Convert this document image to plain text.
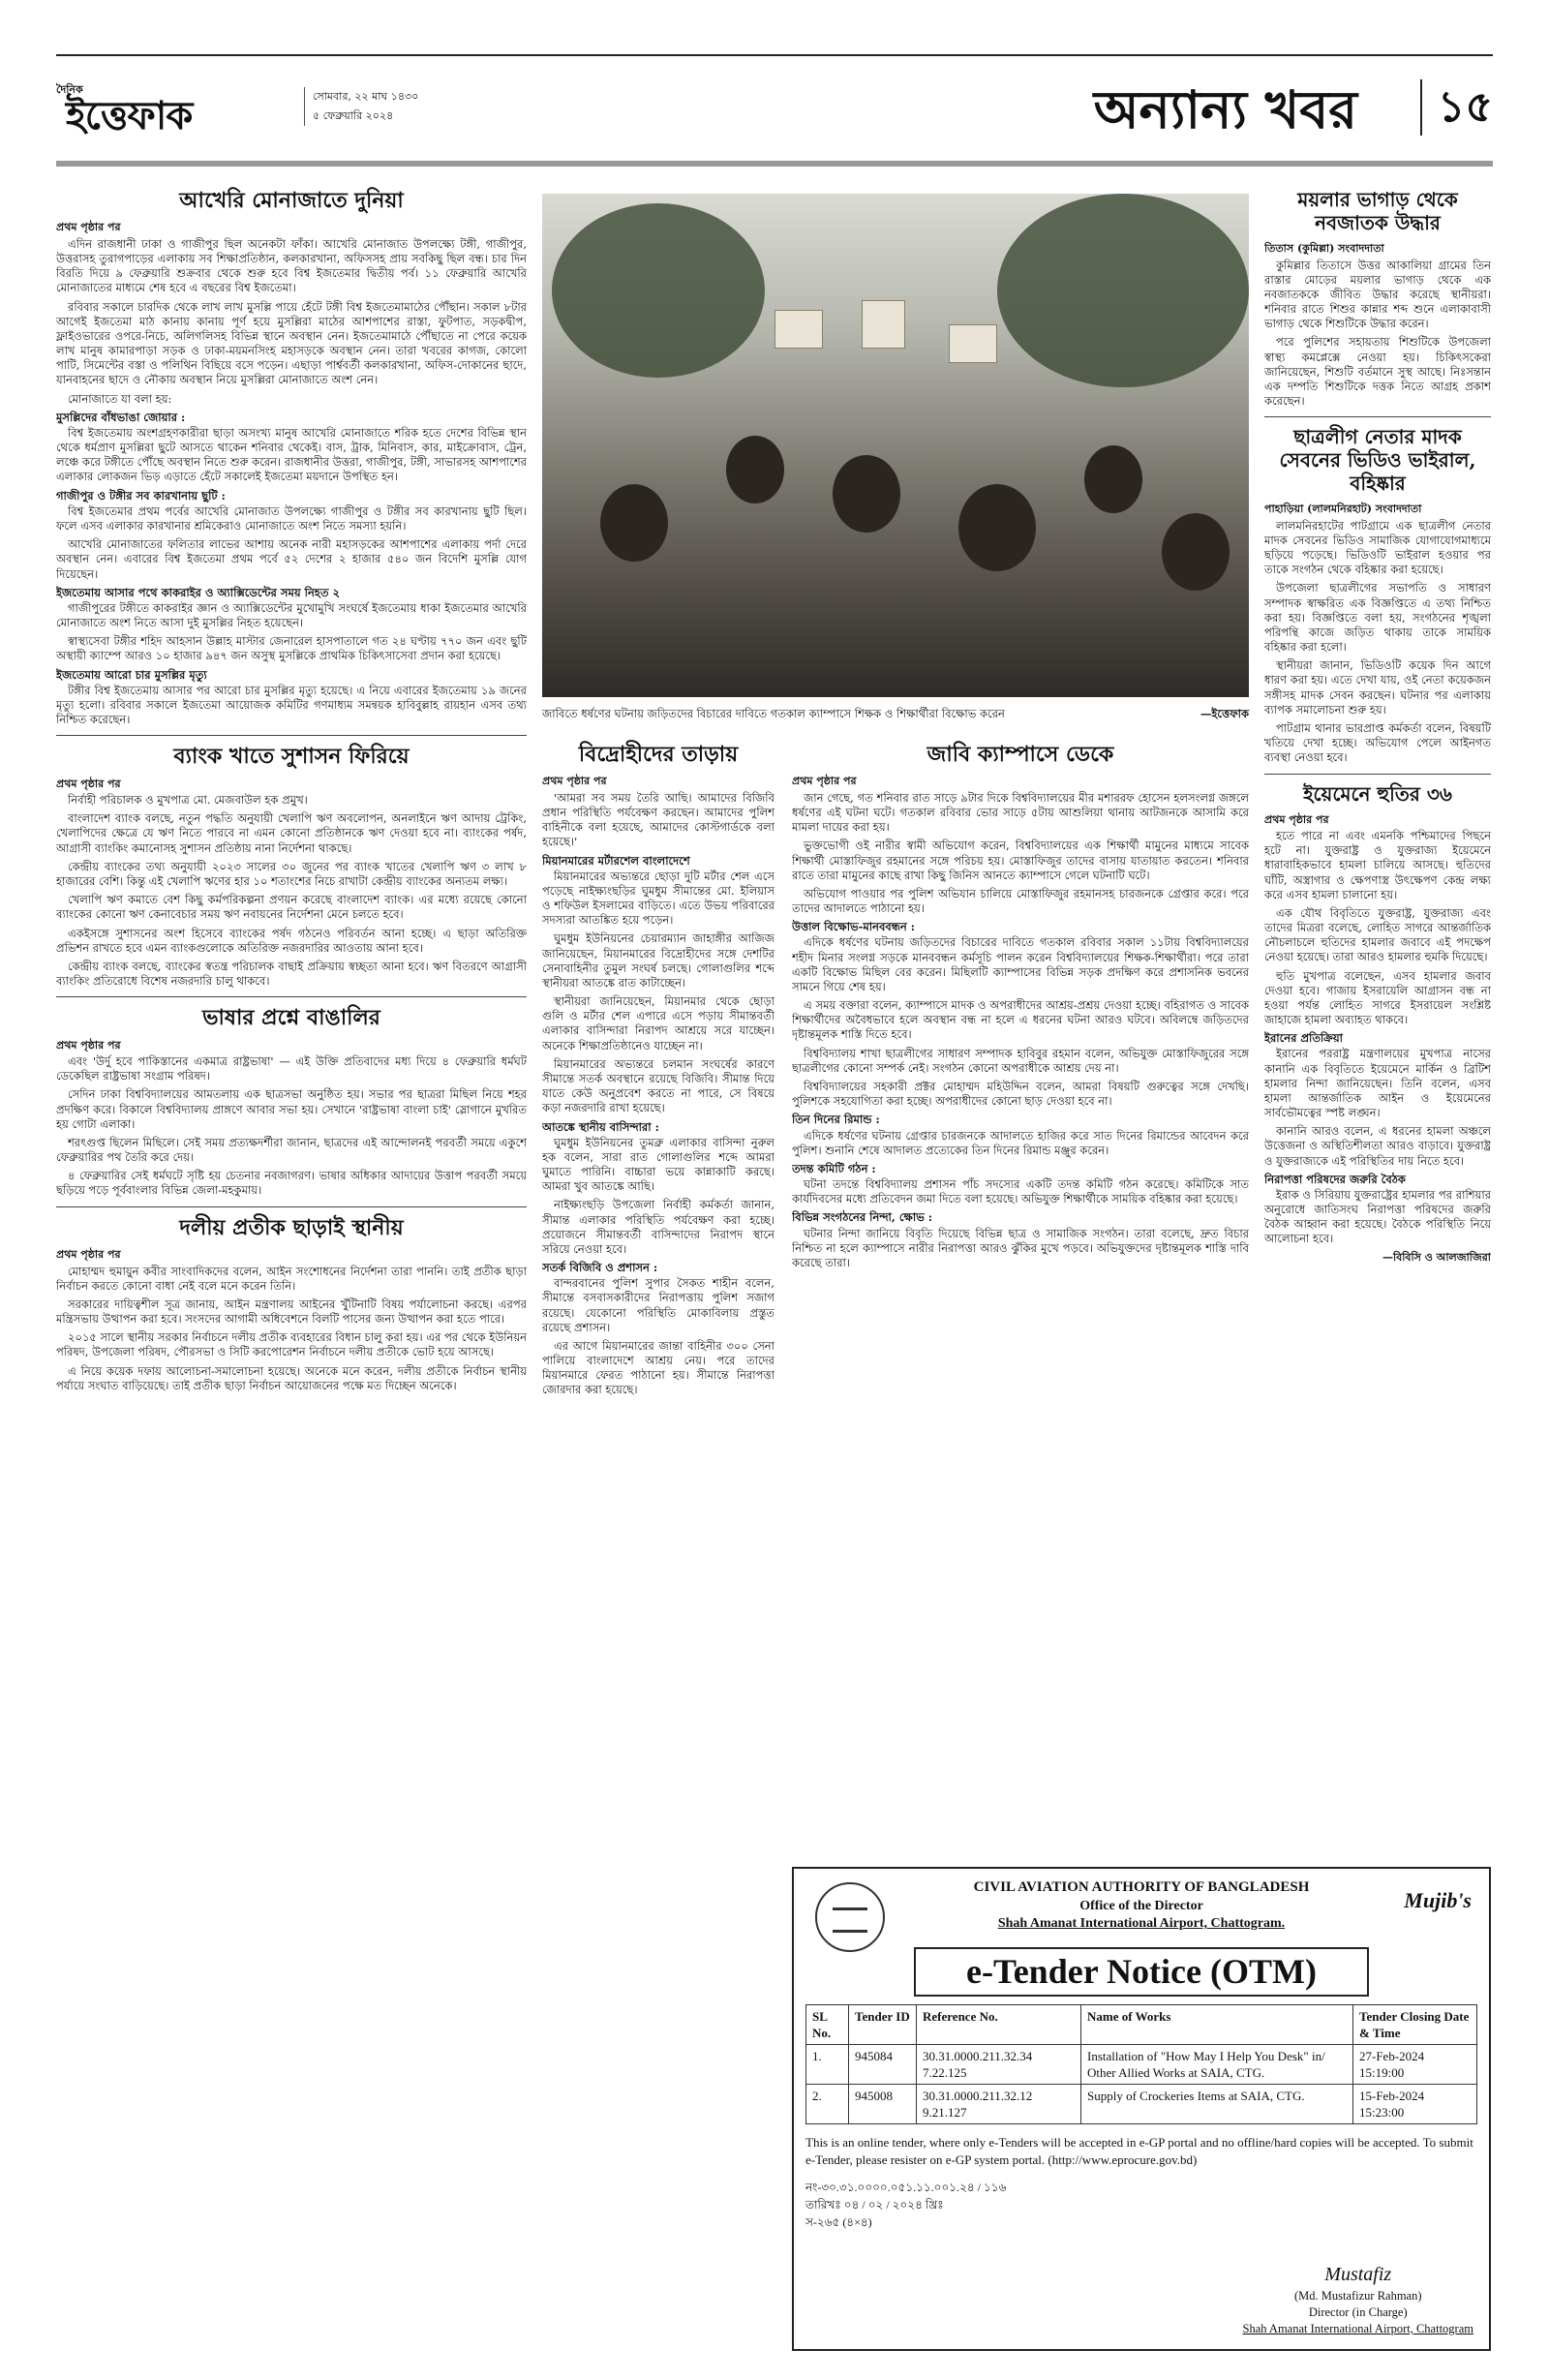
দৈনিক
ইত্তেফাক	সোমবার, ২২ মাঘ ১৪৩০
৫ ফেব্রুয়ারি ২০২৪	অন্যান্য খবর	১৫
আখেরি মোনাজাতে দুনিয়া
প্রথম পৃষ্ঠার পর

এদিন রাজধানী ঢাকা ও গাজীপুর ছিল অনেকটা ফাঁকা। আখেরি মোনাজাত উপলক্ষ্যে টঙ্গী, গাজীপুর, উত্তরাসহ তুরাগপাড়ের এলাকায় সব শিক্ষাপ্রতিষ্ঠান, কলকারখানা, অফিসসহ প্রায় সবকিছু ছিল বন্ধ। চার দিন বিরতি দিয়ে ৯ ফেব্রুয়ারি শুক্রবার থেকে শুরু হবে বিশ্ব ইজতেমার দ্বিতীয় পর্ব। ১১ ফেব্রুয়ারি আখেরি মোনাজাতের মাধ্যমে শেষ হবে এ বছরের বিশ্ব ইজতেমা।

রবিবার সকালে চারদিক থেকে লাখ লাখ মুসল্লি পায়ে হেঁটে টঙ্গী বিশ্ব ইজতেমামাঠের পৌঁছান। সকাল ৮টার আগেই ইজতেমা মাঠ কানায় কানায় পূর্ণ হয়ে মুসল্লিরা মাঠের আশপাশের রাস্তা, ফুটপাত, সড়কদ্বীপ, ফ্লাইওভারের ওপরে-নিচে, অলিগলিসহ বিভিন্ন স্থানে অবস্থান নেন। ইজতেমামাঠে পৌঁছাতে না পেরে কয়েক লাখ মানুষ কামারপাড়া সড়ক ও ঢাকা-ময়মনসিংহ মহাসড়কে অবস্থান নেন। তারা খবরের কাগজ, কোলো পাটি, সিমেন্টের বস্তা ও পলিথিন বিছিয়ে বসে পড়েন। এছাড়া পার্শ্ববর্তী কলকারখানা, অফিস-দোকানের ছাদে, যানবাহনের ছাদে ও নৌকায় অবস্থান নিয়ে মুসল্লিরা মোনাজাতে অংশ নেন।

মোনাজাতে যা বলা হয়:

মুসল্লিদের বাঁধভাঙা জোয়ার :

বিশ্ব ইজতেমায় অংশগ্রহণকারীরা ছাড়া অসংখ্য মানুষ আখেরি মোনাজাতে শরিক হতে দেশের বিভিন্ন স্থান থেকে ধর্মপ্রাণ মুসল্লিরা ছুটে আসতে থাকেন শনিবার থেকেই। বাস, ট্রাক, মিনিবাস, কার, মাইক্রোবাস, ট্রেন, লঞ্চে করে টঙ্গীতে পৌঁছে অবস্থান নিতে শুরু করেন। রাজধানীর উত্তরা, গাজীপুর, টঙ্গী, সাভারসহ আশপাশের এলাকার লোকজন ভিড় এড়াতে হেঁটে সকালেই ইজতেমা ময়দানে উপস্থিত হন।

গাজীপুর ও টঙ্গীর সব কারখানায় ছুটি :

বিশ্ব ইজতেমার প্রথম পর্বের আখেরি মোনাজাত উপলক্ষ্যে গাজীপুর ও টঙ্গীর সব কারখানায় ছুটি ছিল। ফলে এসব এলাকার কারখানার শ্রমিকেরাও মোনাজাতে অংশ নিতে সমস্যা হয়নি।

আখেরি মোনাজাতের ফলিতার লাভের আশায় অনেক নারী মহাসড়কের আশপাশের এলাকায় পর্দা দেরে অবস্থান নেন। এবারের বিশ্ব ইজতেমা প্রথম পর্বে ৫২ দেশের ২ হাজার ৫৪০ জন বিদেশি মুসল্লি যোগ দিয়েছেন।

ইজতেমায় আসার পথে কাকরাইর ও অ্যাক্সিডেন্টের সময় নিহত ২

গাজীপুরের টঙ্গীতে কাকরাইর জ্ঞান ও অ্যাক্সিডেন্টের মুখোমুখি সংঘর্ষে ইজতেমায় ধাকা ইজতেমার আখেরি মোনাজাতে অংশ নিতে আসা দুই মুসল্লির নিহত হয়েছেন।

স্বাস্থ্যসেবা টঙ্গীর শহিদ আহসান উল্লাহ মাস্টার জেনারেল হাসপাতালে গত ২৪ ঘণ্টায় ৭৭০ জন এবং ছুটি অস্থায়ী ক্যাম্পে আরও ১০ হাজার ৯৪৭ জন অসুস্থ মুসল্লিকে প্রাথমিক চিকিৎসাসেবা প্রদান করা হয়েছে।

ইজতেমায় আরো চার মুসল্লির মৃত্যু

টঙ্গীর বিশ্ব ইজতেমায় আসার পর আরো চার মুসল্লির মৃত্যু হয়েছে। এ নিয়ে এবারের ইজতেমায় ১৯ জনের মৃত্যু হলো। রবিবার সকালে ইজতেমা আয়োজক কমিটির গণমাধ্যম সমন্বয়ক হাবিবুল্লাহ রায়হান এসব তথ্য নিশ্চিত করেছেন।

ব্যাংক খাতে সুশাসন ফিরিয়ে
প্রথম পৃষ্ঠার পর

নির্বাহী পরিচালক ও মুখপাত্র মো. মেজবাউল হক প্রমুখ।

বাংলাদেশ ব্যাংক বলছে, নতুন পদ্ধতি অনুযায়ী খেলাপি ঋণ অবলোপন, অনলাইনে ঋণ আদায় ট্রেকিং, খেলাপিদের ক্ষেত্রে যে ঋণ নিতে পারবে না এমন কোনো প্রতিষ্ঠানকে ঋণ দেওয়া হবে না। ব্যাংকের পর্ষদ, আগ্রাসী ব্যাংকিং কমানোসহ সুশাসন প্রতিষ্ঠায় নানা নির্দেশনা থাকছে।

কেন্দ্রীয় ব্যাংকের তথ্য অনুযায়ী ২০২৩ সালের ৩০ জুনের পর ব্যাংক খাতের খেলাপি ঋণ ৩ লাখ ৮ হাজারের বেশি। কিন্তু এই খেলাপি ঋণের হার ১০ শতাংশের নিচে রাখাটা কেন্দ্রীয় ব্যাংকের অন্যতম লক্ষ্য।

খেলাপি ঋণ কমাতে বেশ কিছু কর্মপরিকল্পনা প্রণয়ন করেছে বাংলাদেশ ব্যাংক। এর মধ্যে রয়েছে কোনো ব্যাংকের কোনো ঋণ কেনাবেচার সময় ঋণ নবায়নের নির্দেশনা মেনে চলতে হবে।

একইসঙ্গে সুশাসনের অংশ হিসেবে ব্যাংকের পর্ষদ গঠনেও পরিবর্তন আনা হচ্ছে। এ ছাড়া অতিরিক্ত প্রভিশন রাখতে হবে এমন ব্যাংকগুলোকে অতিরিক্ত নজরদারির আওতায় আনা হবে।

কেন্দ্রীয় ব্যাংক বলছে, ব্যাংকের স্বতন্ত্র পরিচালক বাছাই প্রক্রিয়ায় স্বচ্ছতা আনা হবে। ঋণ বিতরণে আগ্রাসী ব্যাংকিং প্রতিরোধে বিশেষ নজরদারি চালু থাকবে।

ভাষার প্রশ্নে বাঙালির
প্রথম পৃষ্ঠার পর

এবং 'উর্দু হবে পাকিস্তানের একমাত্র রাষ্ট্রভাষা' — এই উক্তি প্রতিবাদের মধ্য দিয়ে ৪ ফেব্রুয়ারি ধর্মঘট ডেকেছিল রাষ্ট্রভাষা সংগ্রাম পরিষদ।

সেদিন ঢাকা বিশ্ববিদ্যালয়ের আমতলায় এক ছাত্রসভা অনুষ্ঠিত হয়। সভার পর ছাত্ররা মিছিল নিয়ে শহর প্রদক্ষিণ করে। বিকালে বিশ্ববিদ্যালয় প্রাঙ্গণে আবার সভা হয়। সেখানে 'রাষ্ট্রভাষা বাংলা চাই' স্লোগানে মুখরিত হয় গোটা এলাকা।

শরৎগুপ্ত ছিলেন মিছিলে। সেই সময় প্রত্যক্ষদর্শীরা জানান, ছাত্রদের এই আন্দোলনই পরবর্তী সময়ে একুশে ফেব্রুয়ারির পথ তৈরি করে দেয়।

৪ ফেব্রুয়ারির সেই ধর্মঘটে সৃষ্টি হয় চেতনার নবজাগরণ। ভাষার অধিকার আদায়ের উত্তাপ পরবর্তী সময়ে ছড়িয়ে পড়ে পূর্ববাংলার বিভিন্ন জেলা-মহকুমায়।

দলীয় প্রতীক ছাড়াই স্থানীয়
প্রথম পৃষ্ঠার পর

মোহাম্মদ হুমায়ুন কবীর সাংবাদিকদের বলেন, আইন সংশোধনের নির্দেশনা তারা পাননি। তাই প্রতীক ছাড়া নির্বাচন করতে কোনো বাধা নেই বলে মনে করেন তিনি।

সরকারের দায়িত্বশীল সূত্র জানায়, আইন মন্ত্রণালয় আইনের খুঁটিনাটি বিষয় পর্যালোচনা করছে। এরপর মন্ত্রিসভায় উত্থাপন করা হবে। সংসদের আগামী অধিবেশনে বিলটি পাসের জন্য উত্থাপন করা হতে পারে।

২০১৫ সালে স্থানীয় সরকার নির্বাচনে দলীয় প্রতীক ব্যবহারের বিধান চালু করা হয়। এর পর থেকে ইউনিয়ন পরিষদ, উপজেলা পরিষদ, পৌরসভা ও সিটি করপোরেশন নির্বাচনে দলীয় প্রতীকে ভোট হয়ে আসছে।

এ নিয়ে কয়েক দফায় আলোচনা-সমালোচনা হয়েছে। অনেকে মনে করেন, দলীয় প্রতীকে নির্বাচন স্থানীয় পর্যায়ে সংঘাত বাড়িয়েছে। তাই প্রতীক ছাড়া নির্বাচন আয়োজনের পক্ষে মত দিচ্ছেন অনেকে।

জাবিতে ধর্ষণের ঘটনায় জড়িতদের বিচারের দাবিতে গতকাল ক্যাম্পাসে শিক্ষক ও শিক্ষার্থীরা বিক্ষোভ করেন	—ইত্তেফাক
বিদ্রোহীদের তাড়ায়
প্রথম পৃষ্ঠার পর

'আমরা সব সময় তৈরি আছি। আমাদের বিজিবি প্রধান পরিস্থিতি পর্যবেক্ষণ করছেন। আমাদের পুলিশ বাহিনীকে বলা হয়েছে, আমাদের কোস্টগার্ডকে বলা হয়েছে।'

মিয়ানমারের মর্টারশেল বাংলাদেশে

মিয়ানমারের অভ্যন্তরে ছোড়া দুটি মর্টার শেল এসে পড়েছে নাইক্ষ্যংছড়ির ঘুমধুম সীমান্তের মো. ইলিয়াস ও শফিউল ইসলামের বাড়িতে। এতে উভয় পরিবারের সদস্যরা আতঙ্কিত হয়ে পড়েন।

ঘুমধুম ইউনিয়নের চেয়ারম্যান জাহাঙ্গীর আজিজ জানিয়েছেন, মিয়ানমারের বিদ্রোহীদের সঙ্গে দেশটির সেনাবাহিনীর তুমুল সংঘর্ষ চলছে। গোলাগুলির শব্দে স্থানীয়রা আতঙ্কে রাত কাটাচ্ছেন।

স্থানীয়রা জানিয়েছেন, মিয়ানমার থেকে ছোড়া গুলি ও মর্টার শেল এপারে এসে পড়ায় সীমান্তবর্তী এলাকার বাসিন্দারা নিরাপদ আশ্রয়ে সরে যাচ্ছেন। অনেকে শিক্ষাপ্রতিষ্ঠানেও যাচ্ছেন না।

মিয়ানমারের অভ্যন্তরে চলমান সংঘর্ষের কারণে সীমান্তে সতর্ক অবস্থানে রয়েছে বিজিবি। সীমান্ত দিয়ে যাতে কেউ অনুপ্রবেশ করতে না পারে, সে বিষয়ে কড়া নজরদারি রাখা হয়েছে।

আতঙ্কে স্থানীয় বাসিন্দারা :

ঘুমধুম ইউনিয়নের তুমব্রু এলাকার বাসিন্দা নুরুল হক বলেন, সারা রাত গোলাগুলির শব্দে আমরা ঘুমাতে পারিনি। বাচ্চারা ভয়ে কান্নাকাটি করছে। আমরা খুব আতঙ্কে আছি।

নাইক্ষ্যংছড়ি উপজেলা নির্বাহী কর্মকর্তা জানান, সীমান্ত এলাকার পরিস্থিতি পর্যবেক্ষণ করা হচ্ছে। প্রয়োজনে সীমান্তবর্তী বাসিন্দাদের নিরাপদ স্থানে সরিয়ে নেওয়া হবে।

সতর্ক বিজিবি ও প্রশাসন :

বান্দরবানের পুলিশ সুপার সৈকত শাহীন বলেন, সীমান্তে বসবাসকারীদের নিরাপত্তায় পুলিশ সজাগ রয়েছে। যেকোনো পরিস্থিতি মোকাবিলায় প্রস্তুত রয়েছে প্রশাসন।

এর আগে মিয়ানমারের জান্তা বাহিনীর ৩০০ সেনা পালিয়ে বাংলাদেশে আশ্রয় নেয়। পরে তাদের মিয়ানমারে ফেরত পাঠানো হয়। সীমান্তে নিরাপত্তা জোরদার করা হয়েছে।

জাবি ক্যাম্পাসে ডেকে
প্রথম পৃষ্ঠার পর

জান গেছে, গত শনিবার রাত সাড়ে ৯টার দিকে বিশ্ববিদ্যালয়ের মীর মশাররফ হোসেন হলসংলগ্ন জঙ্গলে ধর্ষণের এই ঘটনা ঘটে। গতকাল রবিবার ভোর সাড়ে ৫টায় আশুলিয়া থানায় আটজনকে আসামি করে মামলা দায়ের করা হয়।

ভুক্তভোগী ওই নারীর স্বামী অভিযোগ করেন, বিশ্ববিদ্যালয়ের এক শিক্ষার্থী মামুনের মাধ্যমে সাবেক শিক্ষার্থী মোস্তাফিজুর রহমানের সঙ্গে পরিচয় হয়। মোস্তাফিজুর তাদের বাসায় যাতায়াত করতেন। শনিবার রাতে তারা মামুনের কাছে রাখা কিছু জিনিস আনতে ক্যাম্পাসে গেলে ঘটনাটি ঘটে।

অভিযোগ পাওয়ার পর পুলিশ অভিযান চালিয়ে মোস্তাফিজুর রহমানসহ চারজনকে গ্রেপ্তার করে। পরে তাদের আদালতে পাঠানো হয়।

উত্তাল বিক্ষোভ-মানববন্ধন :

এদিকে ধর্ষণের ঘটনায় জড়িতদের বিচারের দাবিতে গতকাল রবিবার সকাল ১১টায় বিশ্ববিদ্যালয়ের শহীদ মিনার সংলগ্ন সড়কে মানববন্ধন কর্মসূচি পালন করেন বিশ্ববিদ্যালয়ের শিক্ষক-শিক্ষার্থীরা। পরে তারা একটি বিক্ষোভ মিছিল বের করেন। মিছিলটি ক্যাম্পাসের বিভিন্ন সড়ক প্রদক্ষিণ করে প্রশাসনিক ভবনের সামনে গিয়ে শেষ হয়।

এ সময় বক্তারা বলেন, ক্যাম্পাসে মাদক ও অপরাধীদের আশ্রয়-প্রশ্রয় দেওয়া হচ্ছে। বহিরাগত ও সাবেক শিক্ষার্থীদের অবৈধভাবে হলে অবস্থান বন্ধ না হলে এ ধরনের ঘটনা আরও ঘটবে। অবিলম্বে জড়িতদের দৃষ্টান্তমূলক শাস্তি দিতে হবে।

বিশ্ববিদ্যালয় শাখা ছাত্রলীগের সাধারণ সম্পাদক হাবিবুর রহমান বলেন, অভিযুক্ত মোস্তাফিজুরের সঙ্গে ছাত্রলীগের কোনো সম্পর্ক নেই। সংগঠন কোনো অপরাধীকে আশ্রয় দেয় না।

বিশ্ববিদ্যালয়ের সহকারী প্রক্টর মোহাম্মদ মহিউদ্দিন বলেন, আমরা বিষয়টি গুরুত্বের সঙ্গে দেখছি। পুলিশকে সহযোগিতা করা হচ্ছে। অপরাধীদের কোনো ছাড় দেওয়া হবে না।

তিন দিনের রিমান্ড :

এদিকে ধর্ষণের ঘটনায় গ্রেপ্তার চারজনকে আদালতে হাজির করে সাত দিনের রিমান্ডের আবেদন করে পুলিশ। শুনানি শেষে আদালত প্রত্যেকের তিন দিনের রিমান্ড মঞ্জুর করেন।

তদন্ত কমিটি গঠন :

ঘটনা তদন্তে বিশ্ববিদ্যালয় প্রশাসন পাঁচ সদস্যের একটি তদন্ত কমিটি গঠন করেছে। কমিটিকে সাত কার্যদিবসের মধ্যে প্রতিবেদন জমা দিতে বলা হয়েছে। অভিযুক্ত শিক্ষার্থীকে সাময়িক বহিষ্কার করা হয়েছে।

বিভিন্ন সংগঠনের নিন্দা, ক্ষোভ :

ঘটনার নিন্দা জানিয়ে বিবৃতি দিয়েছে বিভিন্ন ছাত্র ও সামাজিক সংগঠন। তারা বলেছে, দ্রুত বিচার নিশ্চিত না হলে ক্যাম্পাসে নারীর নিরাপত্তা আরও ঝুঁকির মুখে পড়বে। অভিযুক্তদের দৃষ্টান্তমূলক শাস্তি দাবি করেছে তারা।

ময়লার ভাগাড় থেকে নবজাতক উদ্ধার
তিতাস (কুমিল্লা) সংবাদদাতা

কুমিল্লার তিতাসে উত্তর আকালিয়া গ্রামের তিন রাস্তার মোড়ের ময়লার ভাগাড় থেকে এক নবজাতককে জীবিত উদ্ধার করেছে স্থানীয়রা। শনিবার রাতে শিশুর কান্নার শব্দ শুনে এলাকাবাসী ভাগাড় থেকে শিশুটিকে উদ্ধার করেন।

পরে পুলিশের সহায়তায় শিশুটিকে উপজেলা স্বাস্থ্য কমপ্লেক্সে নেওয়া হয়। চিকিৎসকেরা জানিয়েছেন, শিশুটি বর্তমানে সুস্থ আছে। নিঃসন্তান এক দম্পতি শিশুটিকে দত্তক নিতে আগ্রহ প্রকাশ করেছেন।

ছাত্রলীগ নেতার মাদক সেবনের ভিডিও ভাইরাল, বহিষ্কার
পাহাড়িয়া (লালমনিরহাট) সংবাদদাতা

লালমনিরহাটের পাটগ্রামে এক ছাত্রলীগ নেতার মাদক সেবনের ভিডিও সামাজিক যোগাযোগমাধ্যমে ছড়িয়ে পড়েছে। ভিডিওটি ভাইরাল হওয়ার পর তাকে সংগঠন থেকে বহিষ্কার করা হয়েছে।

উপজেলা ছাত্রলীগের সভাপতি ও সাধারণ সম্পাদক স্বাক্ষরিত এক বিজ্ঞপ্তিতে এ তথ্য নিশ্চিত করা হয়। বিজ্ঞপ্তিতে বলা হয়, সংগঠনের শৃঙ্খলা পরিপন্থি কাজে জড়িত থাকায় তাকে সাময়িক বহিষ্কার করা হলো।

স্থানীয়রা জানান, ভিডিওটি কয়েক দিন আগে ধারণ করা হয়। এতে দেখা যায়, ওই নেতা কয়েকজন সঙ্গীসহ মাদক সেবন করছেন। ঘটনার পর এলাকায় ব্যাপক সমালোচনা শুরু হয়।

পাটগ্রাম থানার ভারপ্রাপ্ত কর্মকর্তা বলেন, বিষয়টি খতিয়ে দেখা হচ্ছে। অভিযোগ পেলে আইনগত ব্যবস্থা নেওয়া হবে।

ইয়েমেনে হুতির ৩৬
প্রথম পৃষ্ঠার পর

হতে পারে না এবং এমনকি পশ্চিমাদের পিছনে হটে না। যুক্তরাষ্ট্র ও যুক্তরাজ্য ইয়েমেনে ধারাবাহিকভাবে হামলা চালিয়ে আসছে। হুতিদের ঘাঁটি, অস্ত্রাগার ও ক্ষেপণাস্ত্র উৎক্ষেপণ কেন্দ্র লক্ষ্য করে এসব হামলা চালানো হয়।

এক যৌথ বিবৃতিতে যুক্তরাষ্ট্র, যুক্তরাজ্য এবং তাদের মিত্ররা বলেছে, লোহিত সাগরে আন্তর্জাতিক নৌচলাচলে হুতিদের হামলার জবাবে এই পদক্ষেপ নেওয়া হয়েছে। তারা আরও হামলার হুমকি দিয়েছে।

হুতি মুখপাত্র বলেছেন, এসব হামলার জবাব দেওয়া হবে। গাজায় ইসরায়েলি আগ্রাসন বন্ধ না হওয়া পর্যন্ত লোহিত সাগরে ইসরায়েল সংশ্লিষ্ট জাহাজে হামলা অব্যাহত থাকবে।

ইরানের প্রতিক্রিয়া

ইরানের পররাষ্ট্র মন্ত্রণালয়ের মুখপাত্র নাসের কানানি এক বিবৃতিতে ইয়েমেনে মার্কিন ও ব্রিটিশ হামলার নিন্দা জানিয়েছেন। তিনি বলেন, এসব হামলা আন্তর্জাতিক আইন ও ইয়েমেনের সার্বভৌমত্বের স্পষ্ট লঙ্ঘন।

কানানি আরও বলেন, এ ধরনের হামলা অঞ্চলে উত্তেজনা ও অস্থিতিশীলতা আরও বাড়াবে। যুক্তরাষ্ট্র ও যুক্তরাজ্যকে এই পরিস্থিতির দায় নিতে হবে।

নিরাপত্তা পরিষদের জরুরি বৈঠক

ইরাক ও সিরিয়ায় যুক্তরাষ্ট্রের হামলার পর রাশিয়ার অনুরোধে জাতিসংঘ নিরাপত্তা পরিষদের জরুরি বৈঠক আহ্বান করা হয়েছে। বৈঠকে পরিস্থিতি নিয়ে আলোচনা হবে।

—বিবিসি ও আলজাজিরা
Mujib's
CIVIL AVIATION AUTHORITY OF BANGLADESH
Office of the Director
Shah Amanat International Airport, Chattogram.
e-Tender Notice (OTM)
SL No.	Tender ID	Reference No.	Name of Works	Tender Closing Date & Time
1.	945084	30.31.0000.211.32.34 7.22.125	Installation of "How May I Help You Desk" in/ Other Allied Works at SAIA, CTG.	27-Feb-2024 15:19:00
2.	945008	30.31.0000.211.32.12 9.21.127	Supply of Crockeries Items at SAIA, CTG.	15-Feb-2024 15:23:00
This is an online tender, where only e-Tenders will be accepted in e-GP portal and no offline/hard copies will be accepted. To submit e-Tender, please resister on e-GP system portal. (http://www.eprocure.gov.bd)
নং-৩০.৩১.০০০০.০৫১.১১.০০১.২৪ / ১১৬
তারিখঃ ০৪ / ০২ / ২০২৪ খ্রিঃ
স-২৬৫ (৪×৪)
Mustafiz
(Md. Mustafizur Rahman)
Director (in Charge)
Shah Amanat International Airport, Chattogram
